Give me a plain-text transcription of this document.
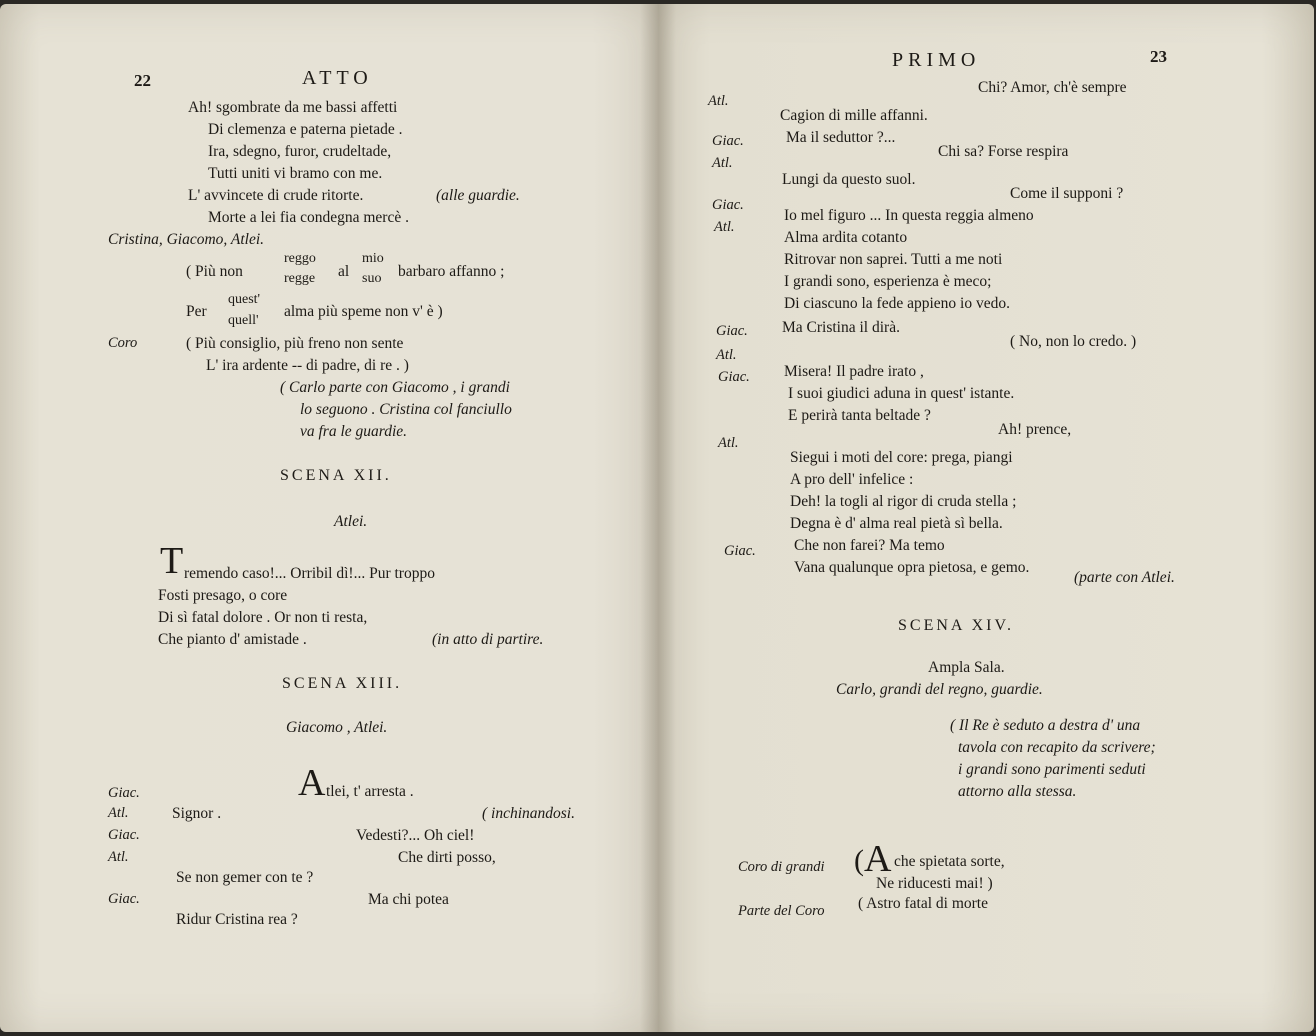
22	ATTO
Ah! sgombrate da me bassi affetti
Di clemenza e paterna pietade .
Ira, sdegno, furor, crudeltade,
Tutti uniti vi bramo con me.
L' avvincete di crude ritorte.	(alle guardie.
Morte a lei fia condegna mercè .
Cristina, Giacomo, Atlei.
( Più non
reggo
regge al
mio
suo barbaro affanno ;
Per
quest'
quell'
alma più speme non v' è )
Coro	( Più consiglio, più freno non sente
L' ira ardente -- di padre, di re . )
( Carlo parte con Giacomo , i grandi
lo seguono . Cristina col fanciullo
va fra le guardie.
SCENA XII.
Atlei.
T remendo caso!... Orribil dì!... Pur troppo
Fosti presago, o core
Di sì fatal dolore . Or non ti resta,
Che pianto d' amistade .	(in atto di partire.
SCENA XIII.
Giacomo , Atlei.
Giac.	A tlei, t' arresta .
Atl.	Signor .	( inchinandosi.
Giac.	Vedesti?... Oh ciel!
Atl.	Che dirti posso,
Se non gemer con te ?
Giac.	Ma chi potea
Ridur Cristina rea ?
PRIMO	23
Chi? Amor, ch'è sempre
Atl.
Cagion di mille affanni.
Giac.	Ma il seduttor ?...
Atl.
Chi sa? Forse respira
Lungi da questo suol.
Come il supponi ?
Giac.
Atl.
Io mel figuro ... In questa reggia almeno
Alma ardita cotanto
Ritrovar non saprei. Tutti a me noti
I grandi sono, esperienza è meco;
Di ciascuno la fede appieno io vedo.
Giac. Ma Cristina il dirà.
( No, non lo credo. )
Atl.
Giac. Misera! Il padre irato ,
I suoi giudici aduna in quest' istante.
E perirà tanta beltade ?
Ah! prence,
Atl.
Siegui i moti del core: prega, piangi
A pro dell' infelice :
Deh! la togli al rigor di cruda stella ;
Degna è d' alma real pietà sì bella.
Giac. Che non farei? Ma temo
Vana qualunque opra pietosa, e gemo.
(parte con Atlei.
SCENA XIV.
Ampla Sala.
Carlo, grandi del regno, guardie.
( Il Re è seduto a destra d' una
tavola con recapito da scrivere;
i grandi sono parimenti seduti
attorno alla stessa.
Coro di grandi ( A che spietata sorte,
Ne riducesti mai! )
Parte del Coro ( Astro fatal di morte
